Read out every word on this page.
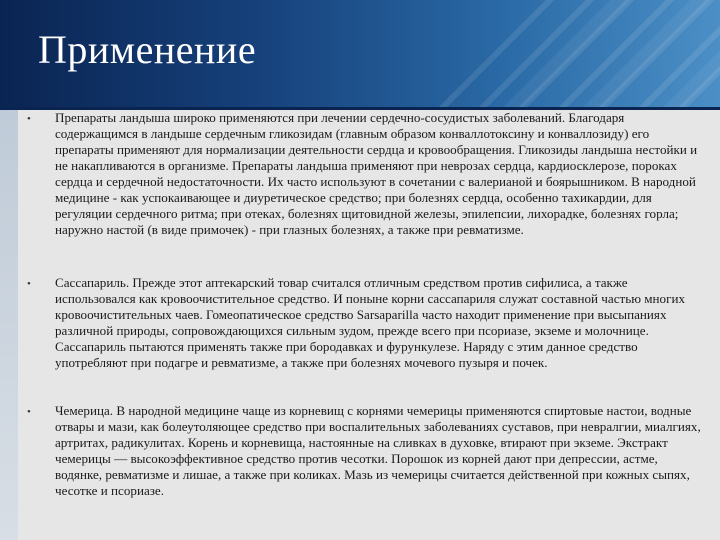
Применение
• Препараты ландыша широко применяются при лечении сердечно-сосудистых заболеваний. Благодаря содержащимся в ландыше сердечным гликозидам (главным образом конваллотоксину и конваллозиду) его препараты применяют для нормализации деятельности сердца и кровообращения. Гликозиды ландыша нестойки и не накапливаются в организме. Препараты ландыша применяют при неврозах сердца, кардиосклерозе, пороках сердца и сердечной недостаточности. Их часто используют в сочетании с валерианой и боярышником. В народной медицине - как успокаивающее и диуретическое средство; при болезнях сердца, особенно тахикардии, для регуляции сердечного ритма; при отеках, болезнях щитовидной железы, эпилепсии, лихорадке, болезнях горла; наружно настой (в виде примочек) - при глазных болезнях, а также при ревматизме.
• Сассапариль. Прежде этот аптекарский товар считался отличным средством против сифилиса, а также использовался как кровоочистительное средство. И поныне корни сассапариля служат составной частью многих кровоочистительных чаев. Гомеопатическое средство Sarsaparilla часто находит применение при высыпаниях различной природы, сопровождающихся сильным зудом, прежде всего при псориазе, экземе и молочнице. Сассапариль пытаются применять также при бородавках и фурункулезе. Наряду с этим данное средство употребляют при подагре и ревматизме, а также при болезнях мочевого пузыря и почек.
• Чемерица. В народной медицине чаще из корневищ с корнями чемерицы применяются спиртовые настои, водные отвары и мази, как болеутоляющее средство при воспалительных заболеваниях суставов, при невралгии, миалгиях, артритах, радикулитах. Корень и корневища, настоянные на сливках в духовке, втирают при экземе. Экстракт чемерицы — высокоэффективное средство против чесотки. Порошок из корней дают при депрессии, астме, водянке, ревматизме и лишае, а также при коликах. Мазь из чемерицы считается действенной при кожных сыпях, чесотке и псориазе.
